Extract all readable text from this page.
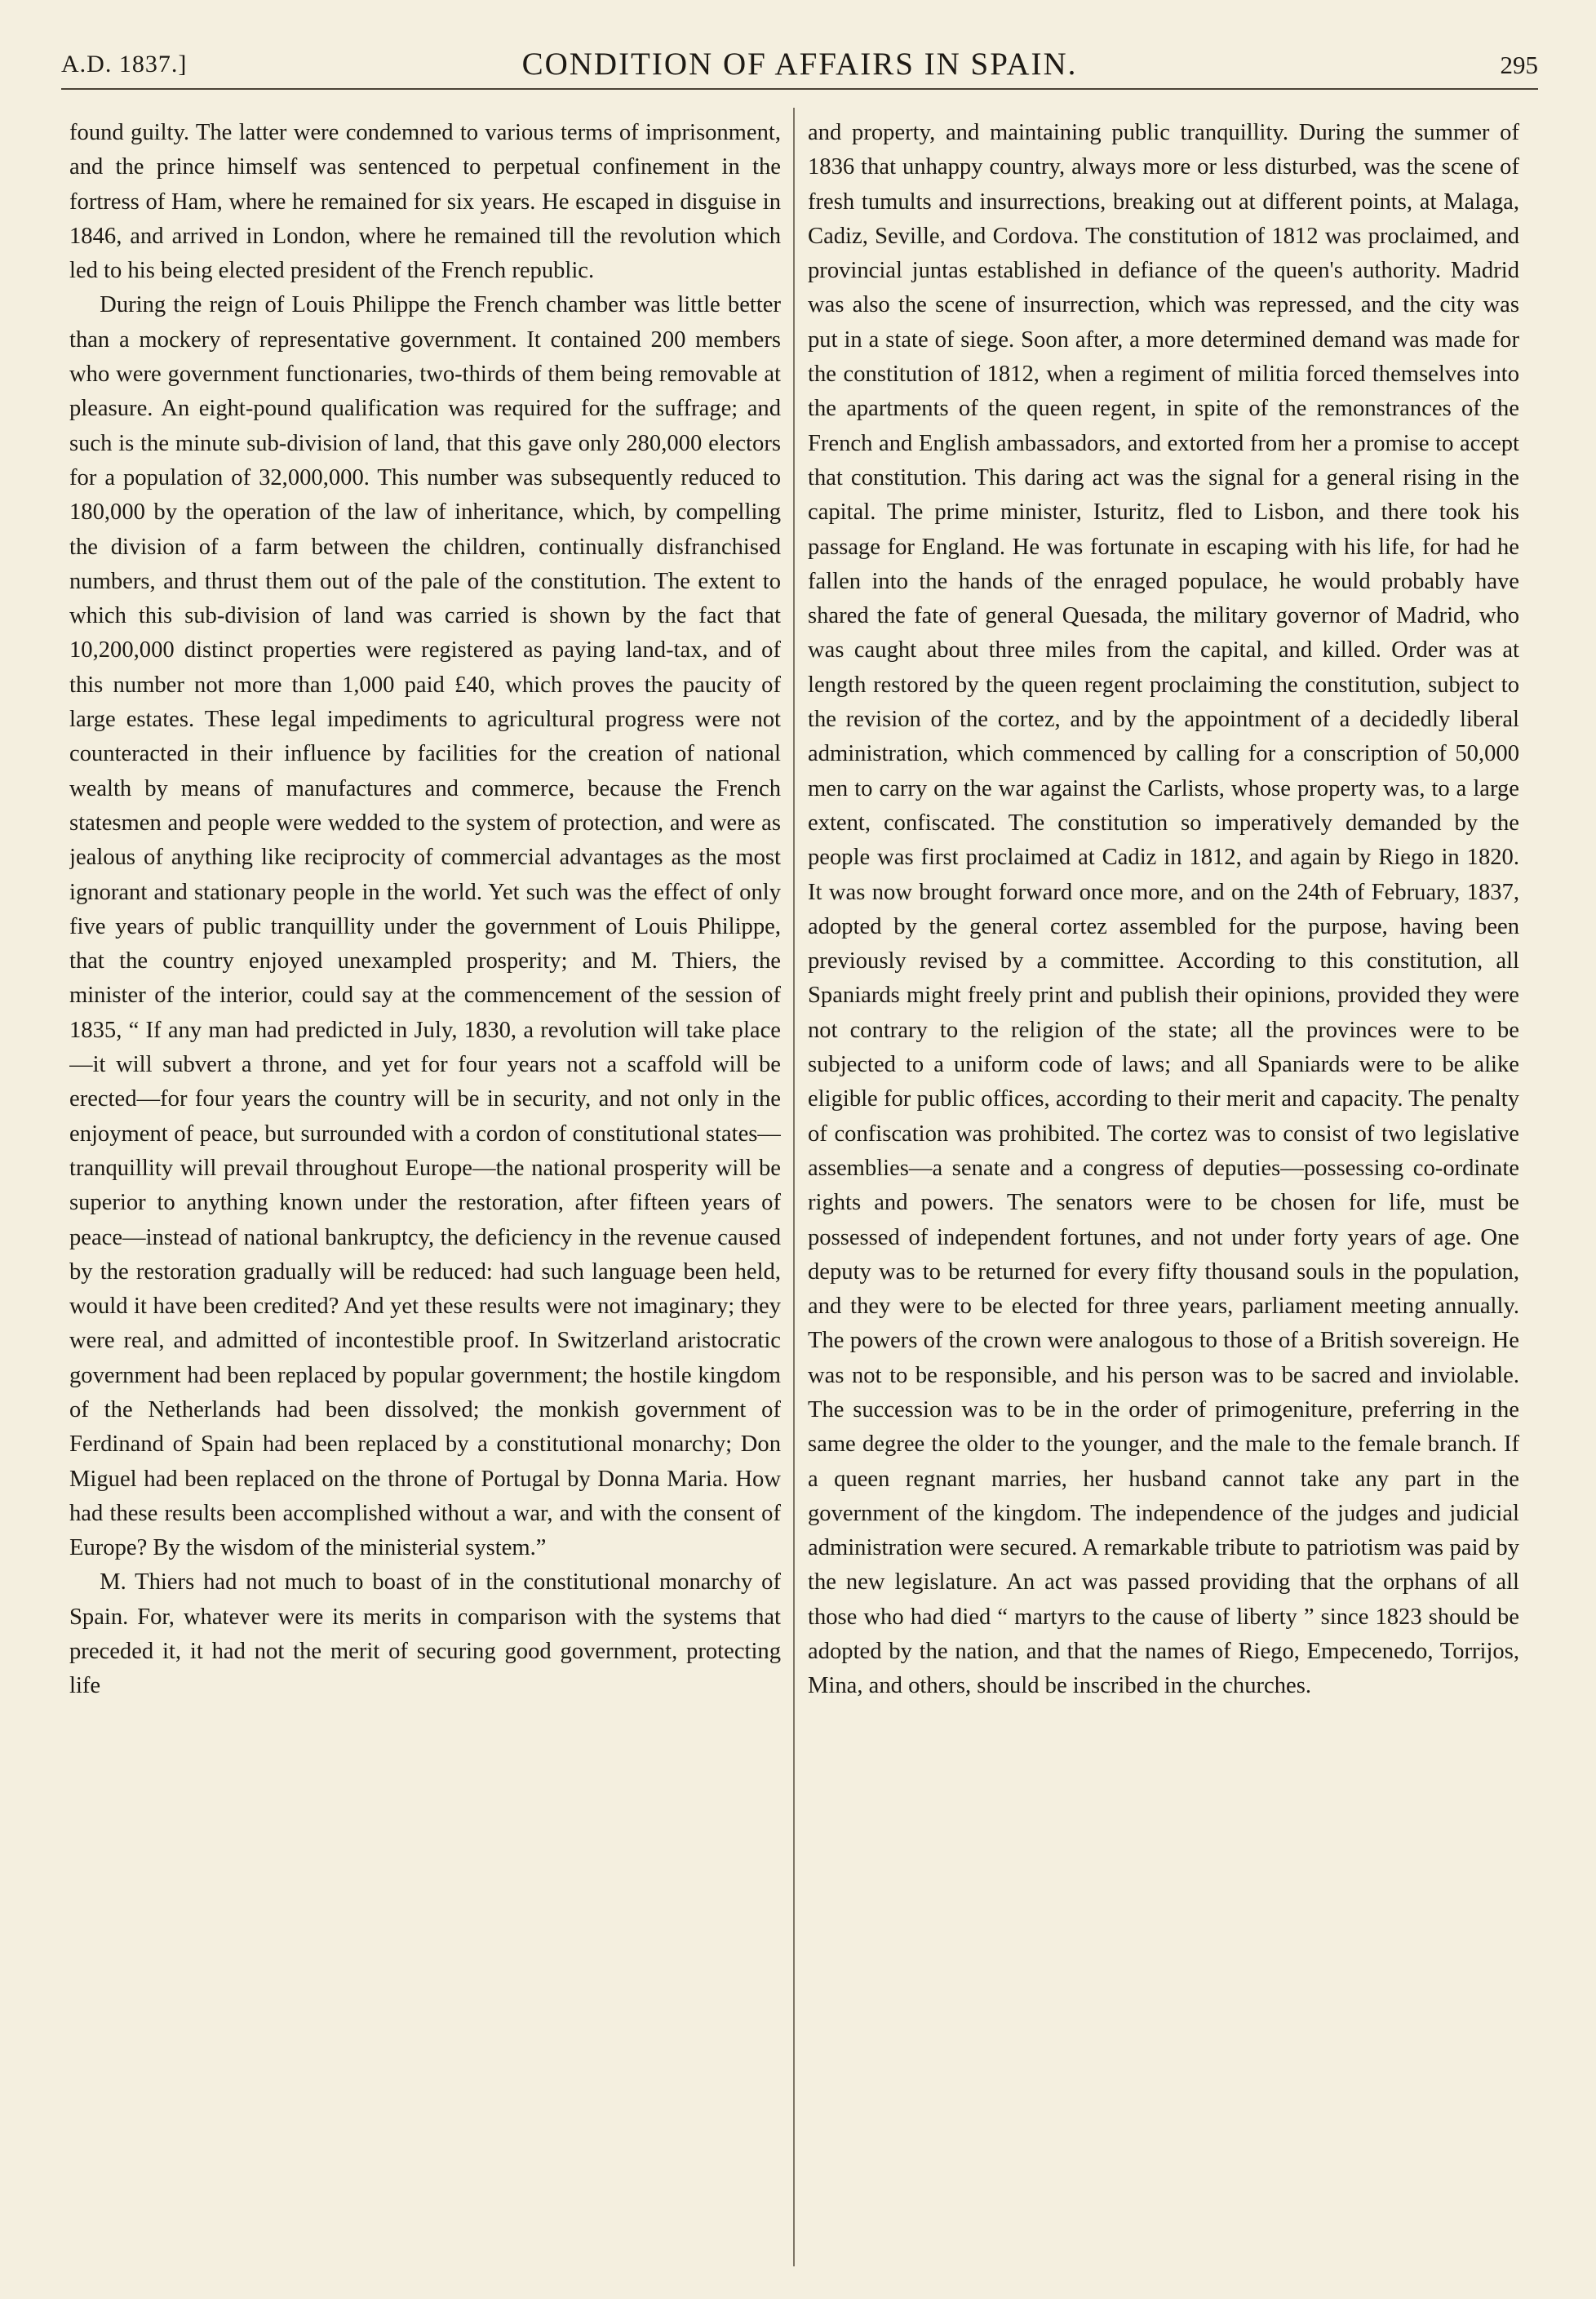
A.D. 1837.]	CONDITION OF AFFAIRS IN SPAIN.	295

found guilty. The latter were condemned to various terms of imprisonment, and the prince himself was sentenced to perpetual confinement in the fortress of Ham, where he remained for six years. He escaped in disguise in 1846, and arrived in London, where he remained till the revolution which led to his being elected president of the French republic.

During the reign of Louis Philippe the French chamber was little better than a mockery of representative government. It contained 200 members who were government functionaries, two-thirds of them being removable at pleasure. An eight-pound qualification was required for the suffrage; and such is the minute sub-division of land, that this gave only 280,000 electors for a population of 32,000,000. This number was subsequently reduced to 180,000 by the operation of the law of inheritance, which, by compelling the division of a farm between the children, continually disfranchised numbers, and thrust them out of the pale of the constitution. The extent to which this sub-division of land was carried is shown by the fact that 10,200,000 distinct properties were registered as paying land-tax, and of this number not more than 1,000 paid £40, which proves the paucity of large estates. These legal impediments to agricultural progress were not counteracted in their influence by facilities for the creation of national wealth by means of manufactures and commerce, because the French statesmen and people were wedded to the system of protection, and were as jealous of anything like reciprocity of commercial advantages as the most ignorant and stationary people in the world. Yet such was the effect of only five years of public tranquillity under the government of Louis Philippe, that the country enjoyed unexampled prosperity; and M. Thiers, the minister of the interior, could say at the commencement of the session of 1835, “ If any man had predicted in July, 1830, a revolution will take place—it will subvert a throne, and yet for four years not a scaffold will be erected—for four years the country will be in security, and not only in the enjoyment of peace, but surrounded with a cordon of constitutional states—tranquillity will prevail throughout Europe—the national prosperity will be superior to anything known under the restoration, after fifteen years of peace—instead of national bankruptcy, the deficiency in the revenue caused by the restoration gradually will be reduced: had such language been held, would it have been credited? And yet these results were not imaginary; they were real, and admitted of incontestible proof. In Switzerland aristocratic government had been replaced by popular government; the hostile kingdom of the Netherlands had been dissolved; the monkish government of Ferdinand of Spain had been replaced by a constitutional monarchy; Don Miguel had been replaced on the throne of Portugal by Donna Maria. How had these results been accomplished without a war, and with the consent of Europe? By the wisdom of the ministerial system.”

M. Thiers had not much to boast of in the constitutional monarchy of Spain. For, whatever were its merits in comparison with the systems that preceded it, it had not the merit of securing good government, protecting life

and property, and maintaining public tranquillity. During the summer of 1836 that unhappy country, always more or less disturbed, was the scene of fresh tumults and insurrections, breaking out at different points, at Malaga, Cadiz, Seville, and Cordova. The constitution of 1812 was proclaimed, and provincial juntas established in defiance of the queen's authority. Madrid was also the scene of insurrection, which was repressed, and the city was put in a state of siege. Soon after, a more determined demand was made for the constitution of 1812, when a regiment of militia forced themselves into the apartments of the queen regent, in spite of the remonstrances of the French and English ambassadors, and extorted from her a promise to accept that constitution. This daring act was the signal for a general rising in the capital. The prime minister, Isturitz, fled to Lisbon, and there took his passage for England. He was fortunate in escaping with his life, for had he fallen into the hands of the enraged populace, he would probably have shared the fate of general Quesada, the military governor of Madrid, who was caught about three miles from the capital, and killed. Order was at length restored by the queen regent proclaiming the constitution, subject to the revision of the cortez, and by the appointment of a decidedly liberal administration, which commenced by calling for a conscription of 50,000 men to carry on the war against the Carlists, whose property was, to a large extent, confiscated. The constitution so imperatively demanded by the people was first proclaimed at Cadiz in 1812, and again by Riego in 1820. It was now brought forward once more, and on the 24th of February, 1837, adopted by the general cortez assembled for the purpose, having been previously revised by a committee. According to this constitution, all Spaniards might freely print and publish their opinions, provided they were not contrary to the religion of the state; all the provinces were to be subjected to a uniform code of laws; and all Spaniards were to be alike eligible for public offices, according to their merit and capacity. The penalty of confiscation was prohibited. The cortez was to consist of two legislative assemblies—a senate and a congress of deputies—possessing co-ordinate rights and powers. The senators were to be chosen for life, must be possessed of independent fortunes, and not under forty years of age. One deputy was to be returned for every fifty thousand souls in the population, and they were to be elected for three years, parliament meeting annually. The powers of the crown were analogous to those of a British sovereign. He was not to be responsible, and his person was to be sacred and inviolable. The succession was to be in the order of primogeniture, preferring in the same degree the older to the younger, and the male to the female branch. If a queen regnant marries, her husband cannot take any part in the government of the kingdom. The independence of the judges and judicial administration were secured. A remarkable tribute to patriotism was paid by the new legislature. An act was passed providing that the orphans of all those who had died “ martyrs to the cause of liberty ” since 1823 should be adopted by the nation, and that the names of Riego, Empecenedo, Torrijos, Mina, and others, should be inscribed in the churches.
